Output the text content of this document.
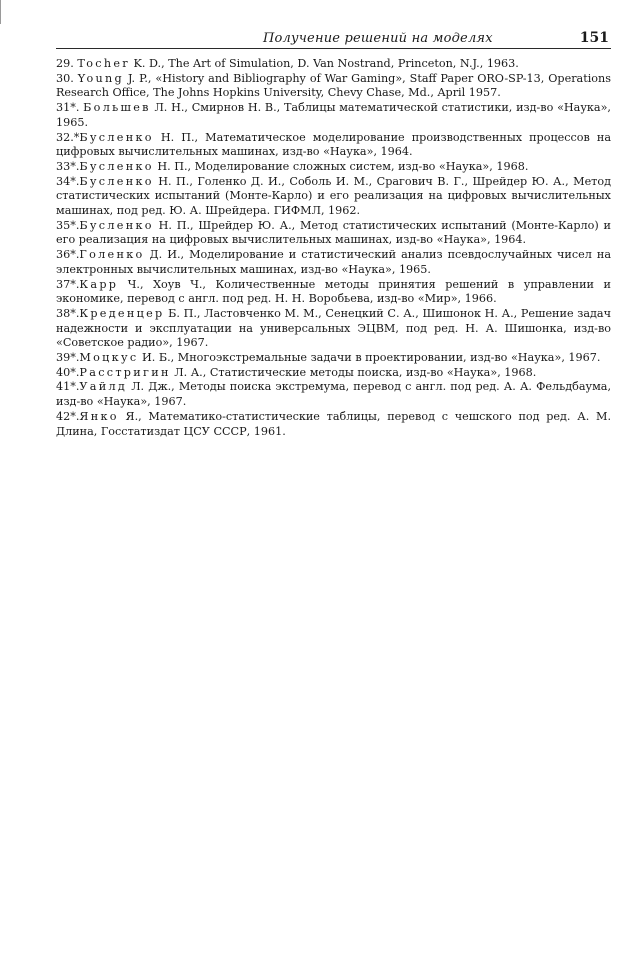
Получение решений на моделях	151
29. Tocher K. D., The Art of Simulation, D. Van Nostrand, Princeton, N.J., 1963.
30. Young J. P., «History and Bibliography of War Gaming», Staff Paper ORO-SP-13, Operations Research Office, The Johns Hopkins University, Chevy Chase, Md., April 1957.
31*. Большев Л. Н., Смирнов Н. В., Таблицы математической статистики, изд-во «Наука», 1965.
32.*Бусленко Н. П., Математическое моделирование производственных процессов на цифровых вычислительных машинах, изд-во «Наука», 1964.
33*.Бусленко Н. П., Моделирование сложных систем, изд-во «Наука», 1968.
34*.Бусленко Н. П., Голенко Д. И., Соболь И. М., Срагович В. Г., Шрейдер Ю. А., Метод статистических испытаний (Монте-Карло) и его реализация на цифровых вычислительных машинах, под ред. Ю. А. Шрейдера. ГИФМЛ, 1962.
35*.Бусленко Н. П., Шрейдер Ю. А., Метод статистических испытаний (Монте-Карло) и его реализация на цифровых вычислительных машинах, изд-во «Наука», 1964.
36*.Голенко Д. И., Моделирование и статистический анализ псевдослучайных чисел на электронных вычислительных машинах, изд-во «Наука», 1965.
37*.Карр Ч., Хоув Ч., Количественные методы принятия решений в управлении и экономике, перевод с англ. под ред. Н. Н. Воробьева, изд-во «Мир», 1966.
38*.Креденцер Б. П., Ластовченко М. М., Сенецкий С. А., Шишонок Н. А., Решение задач надежности и эксплуатации на универсальных ЭЦВМ, под ред. Н. А. Шишонка, изд-во «Советское радио», 1967.
39*.Моцкус И. Б., Многоэкстремальные задачи в проектировании, изд-во «Наука», 1967.
40*.Расстригин Л. А., Статистические методы поиска, изд-во «Наука», 1968.
41*.Уайлд Л. Дж., Методы поиска экстремума, перевод с англ. под ред. А. А. Фельдбаума, изд-во «Наука», 1967.
42*.Янко Я., Математико-статистические таблицы, перевод с чешского под ред. А. М. Длина, Госстатиздат ЦСУ СССР, 1961.
